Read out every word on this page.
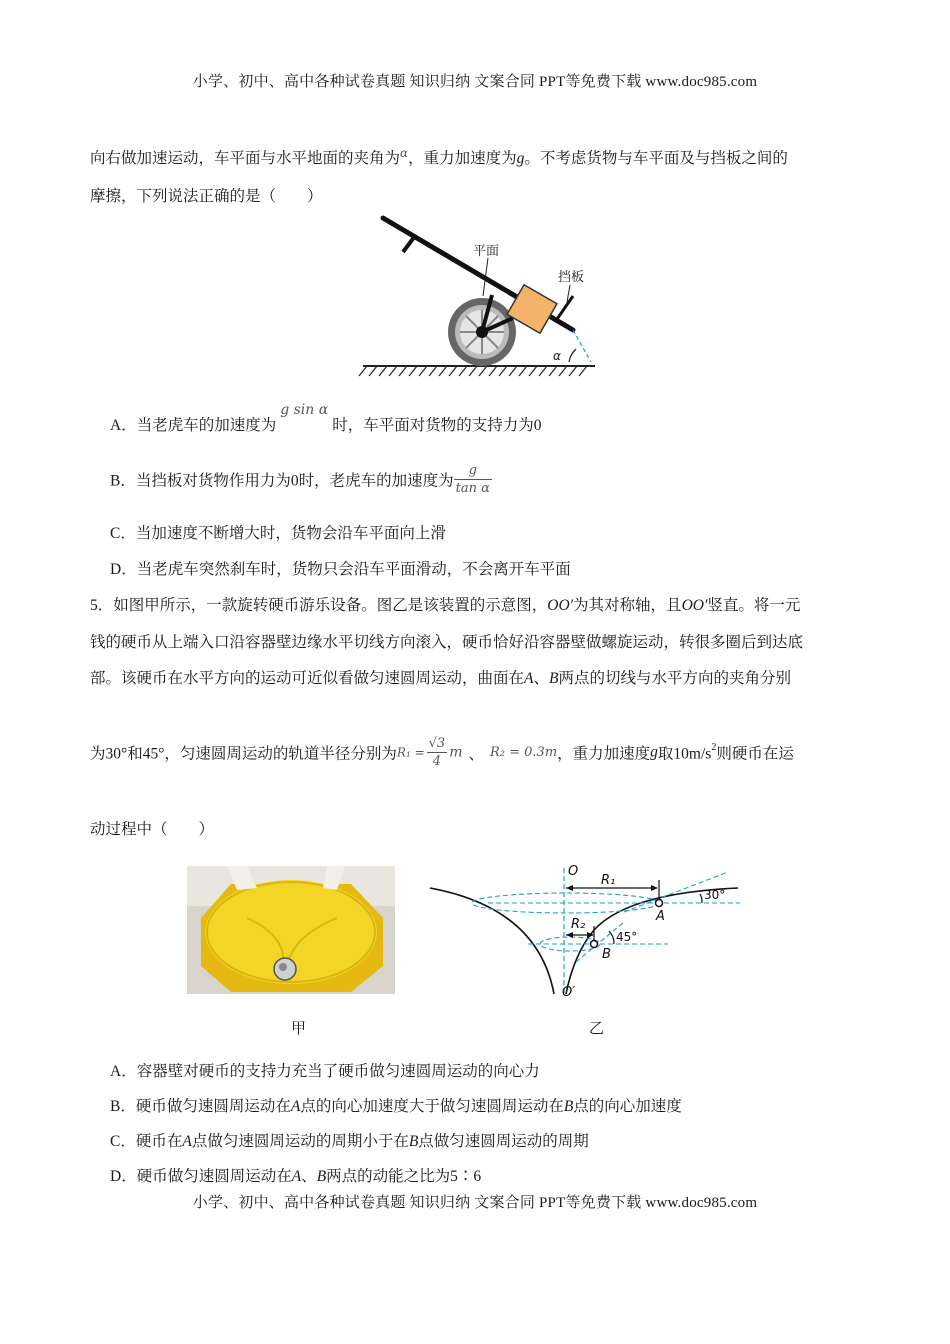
小学、初中、高中各种试卷真题 知识归纳 文案合同 PPT等免费下载 www.doc985.com
向右做加速运动，车平面与水平地面的夹角为$^\alpha$，重力加速度为g。不考虑货物与车平面及与挡板之间的
摩擦，下列说法正确的是（　　）
α
平面
挡板
A．当老虎车的加速度为g sin α时，车平面对货物的支持力为0
B．当挡板对货物作用力为0时，老虎车的加速度为 $\frac{g}{\text{tan α}}$
C．当加速度不断增大时，货物会沿车平面向上滑
D．当老虎车突然刹车时，货物只会沿车平面滑动，不会离开车平面
5．如图甲所示，一款旋转硬币游乐设备。图乙是该装置的示意图，OO′为其对称轴，且OO′竖直。将一元
钱的硬币从上端入口沿容器壁边缘水平切线方向滚入，硬币恰好沿容器壁做螺旋运动，转很多圈后到达底
部。该硬币在水平方向的运动可近似看做匀速圆周运动，曲面在A、B两点的切线与水平方向的夹角分别
为30°和45°，匀速圆周运动的轨道半径分别为$R_1 = \frac{√3}{4}$ m 、 R₂ = 0.3m，重力加速度g取$10m/s^2$则硬币在运
动过程中（　　）
甲
O
O′
R₁
R₂
A
B
30°
45°
乙
A．容器壁对硬币的支持力充当了硬币做匀速圆周运动的向心力
B．硬币做匀速圆周运动在A点的向心加速度大于做匀速圆周运动在B点的向心加速度
C．硬币在A点做匀速圆周运动的周期小于在B点做匀速圆周运动的周期
D．硬币做匀速圆周运动在A、B两点的动能之比为5∶6
小学、初中、高中各种试卷真题 知识归纳 文案合同 PPT等免费下载 www.doc985.com
